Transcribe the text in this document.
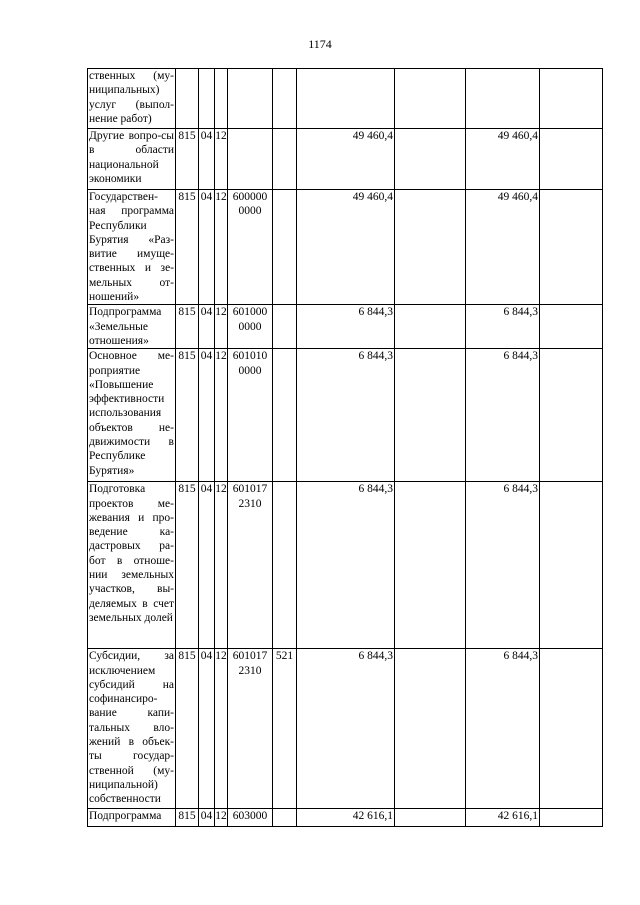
1174
ственных (му-ниципальных) услуг (выпол-нение работ)									
Другие вопро-сы в области национальной экономики	815	04	12			49 460,4		49 460,4	
Государствен-ная программа Республики Бурятия «Раз-витие имуще-ственных и зе-мельных от-ношений»	815	04	12	600000 0000		49 460,4		49 460,4	
Подпрограмма «Земельные отношения»	815	04	12	601000 0000		6 844,3		6 844,3	
Основное ме-роприятие «Повышение эффективности использования объектов не-движимости в Республике Бурятия»	815	04	12	601010 0000		6 844,3		6 844,3	
Подготовка проектов ме-жевания и про-ведение ка-дастровых ра-бот в отноше-нии земельных участков, вы-деляемых в счет земельных долей	815	04	12	601017 2310		6 844,3		6 844,3	
Субсидии, за исключением субсидий на софинансиро-вание капи-тальных вло-жений в объек-ты государ-ственной (му-ниципальной) собственности	815	04	12	601017 2310	521	6 844,3		6 844,3	
Подпрограмма	815	04	12	603000		42 616,1		42 616,1	
